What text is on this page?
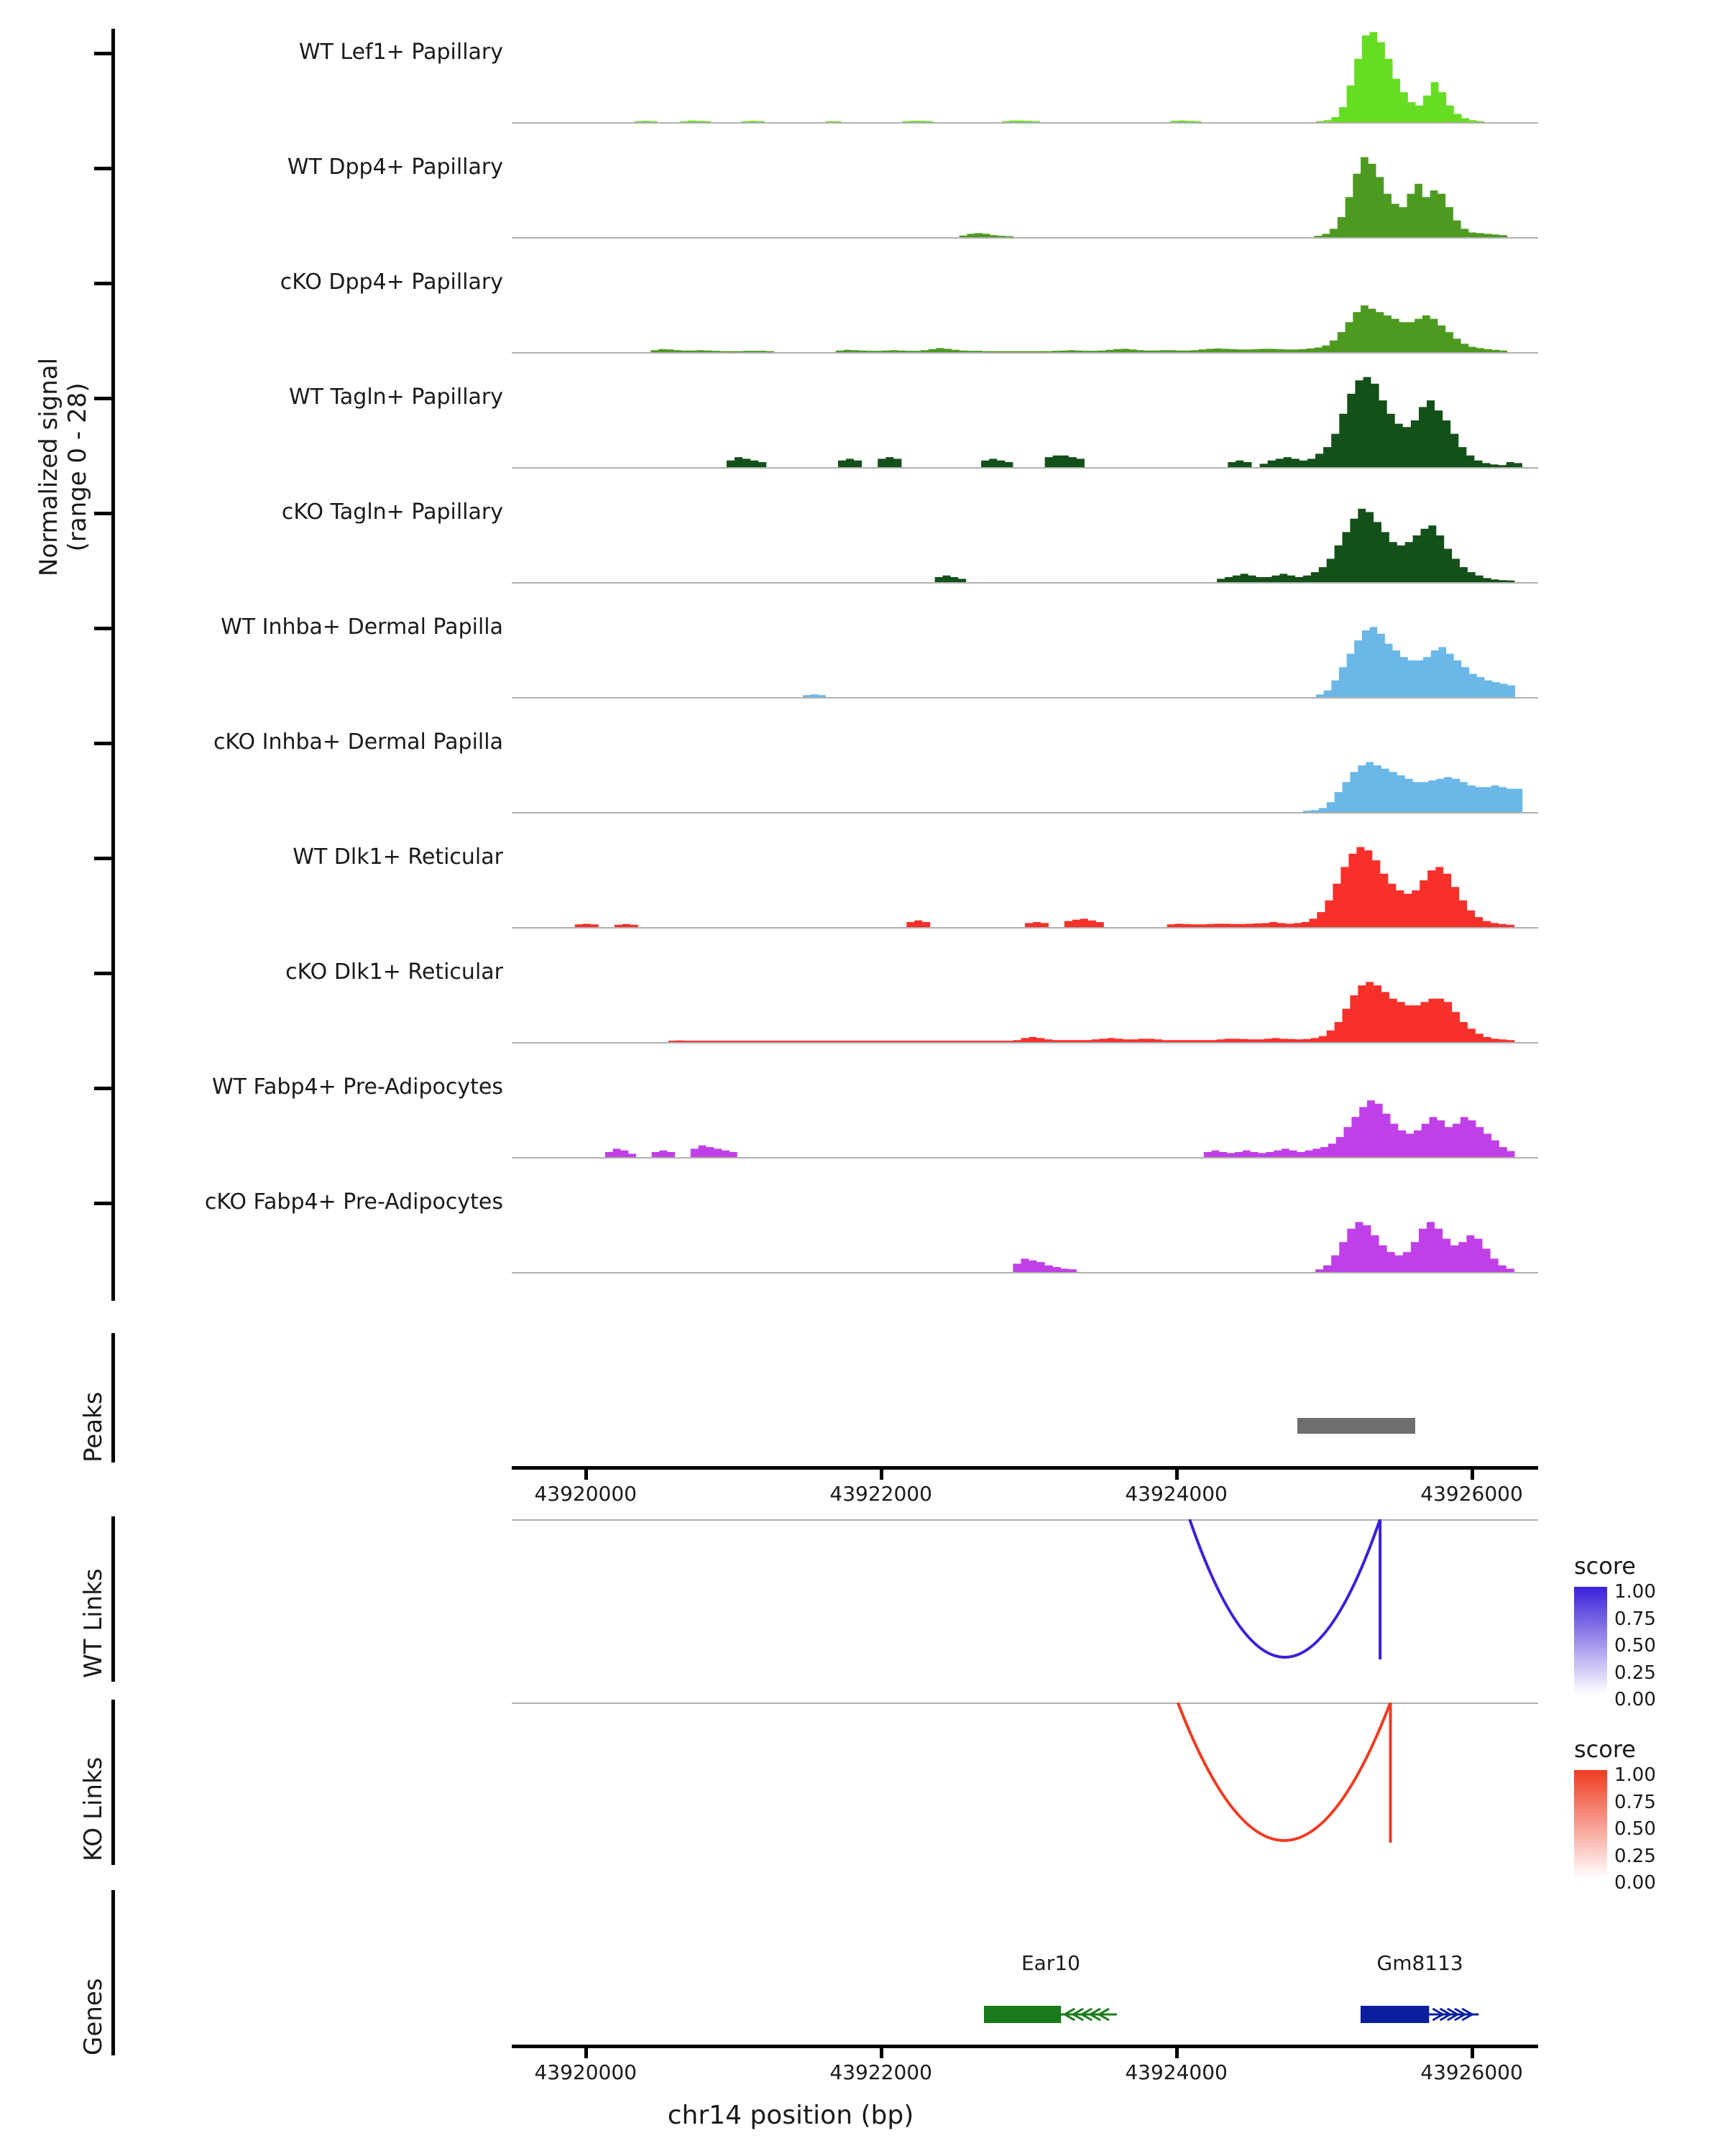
Normalized signal
(range 0 - 28)
WT Lef1+ Papillary
WT Dpp4+ Papillary
cKO Dpp4+ Papillary
WT Tagln+ Papillary
cKO Tagln+ Papillary
WT Inhba+ Dermal Papilla
cKO Inhba+ Dermal Papilla
WT Dlk1+ Reticular
cKO Dlk1+ Reticular
WT Fabp4+ Pre-Adipocytes
cKO Fabp4+ Pre-Adipocytes
Peaks
43920000	43922000	43924000	43926000
WT Links
KO Links
Genes
Ear10	Gm8113
43920000	43922000	43924000	43926000
chr14 position (bp)
score
1.00
0.75
0.50
0.25
0.00
score
1.00
0.75
0.50
0.25
0.00
